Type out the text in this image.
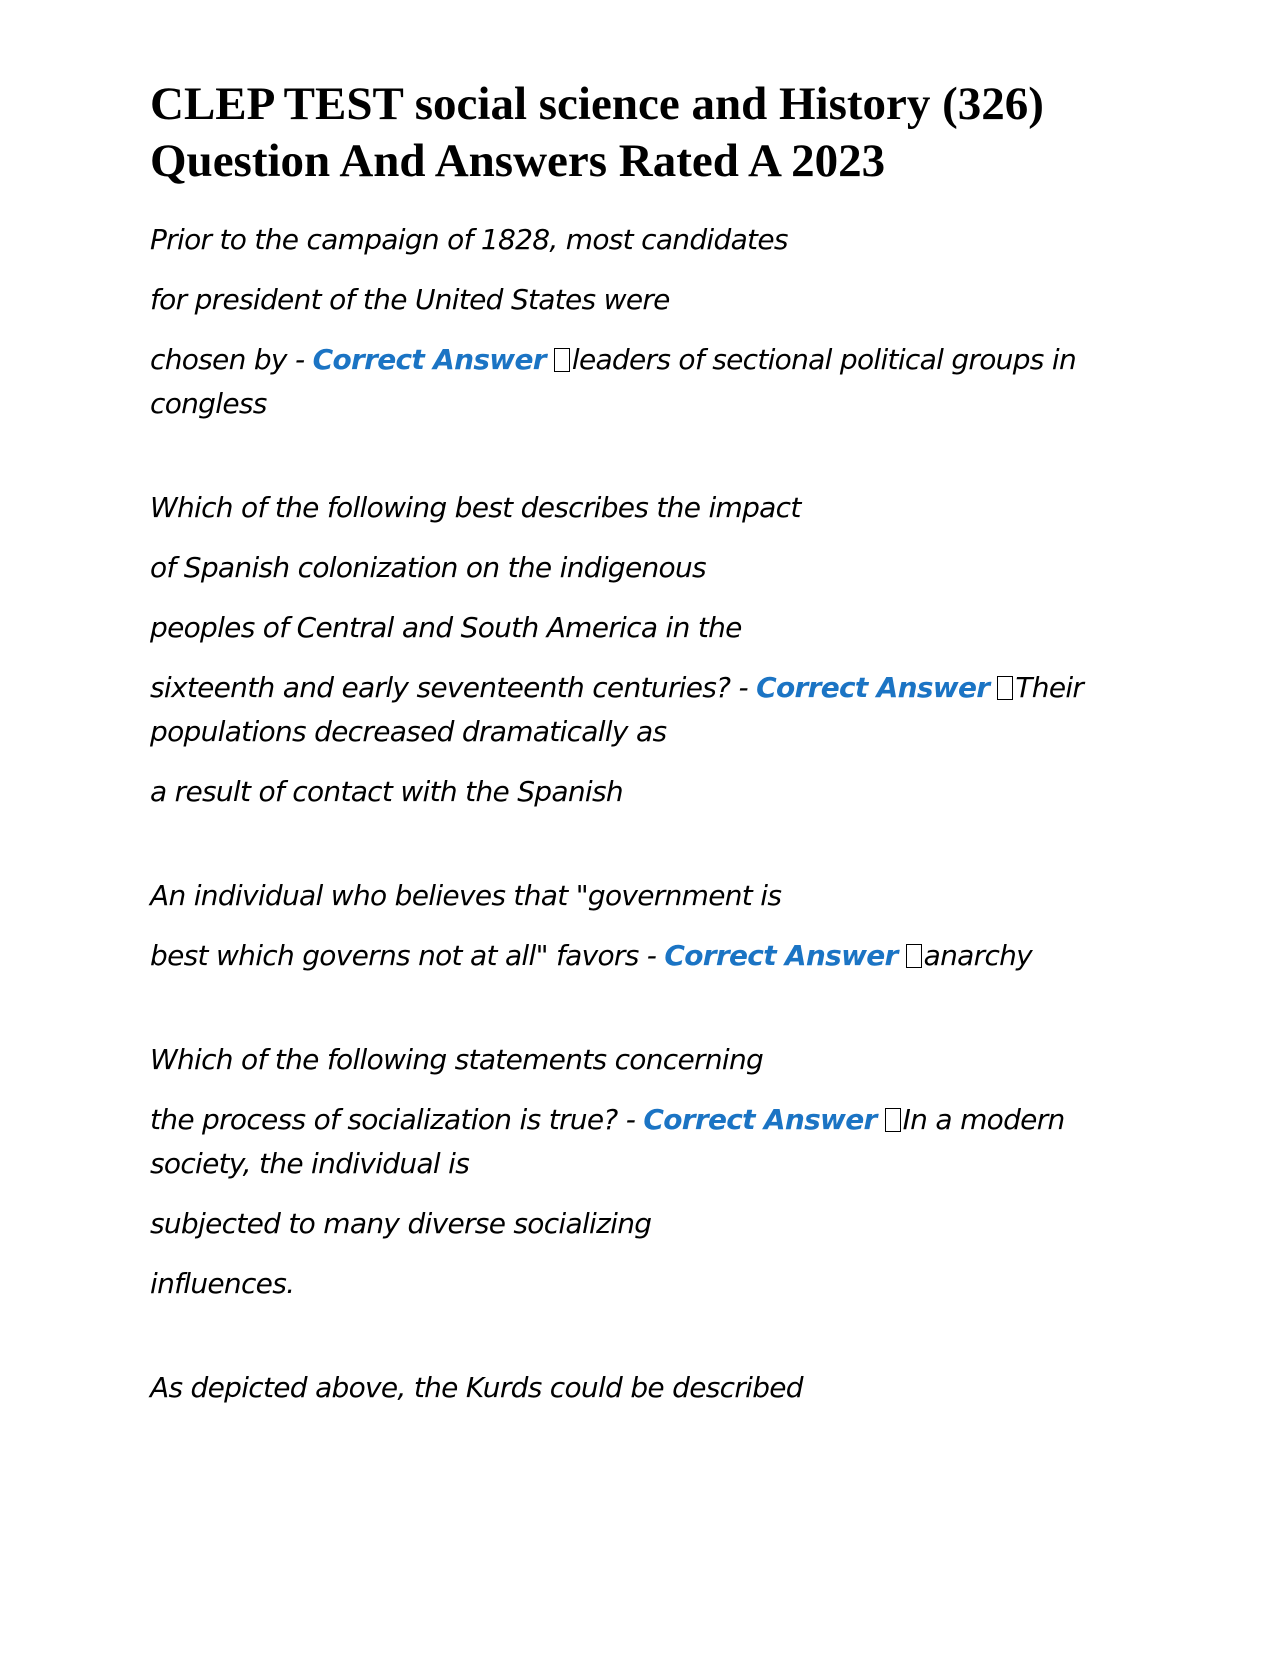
CLEP TEST social science and History (326)
Question And Answers Rated A 2023

Prior to the campaign of 1828, most candidates

for president of the United States were

chosen by - Correct Answer leaders of sectional political groups in congless

Which of the following best describes the impact

of Spanish colonization on the indigenous

peoples of Central and South America in the

sixteenth and early seventeenth centuries? - Correct Answer Their populations decreased dramatically as

a result of contact with the Spanish

An individual who believes that "government is

best which governs not at all" favors - Correct Answer anarchy

Which of the following statements concerning

the process of socialization is true? - Correct Answer In a modern society, the individual is

subjected to many diverse socializing

influences.

As depicted above, the Kurds could be described
